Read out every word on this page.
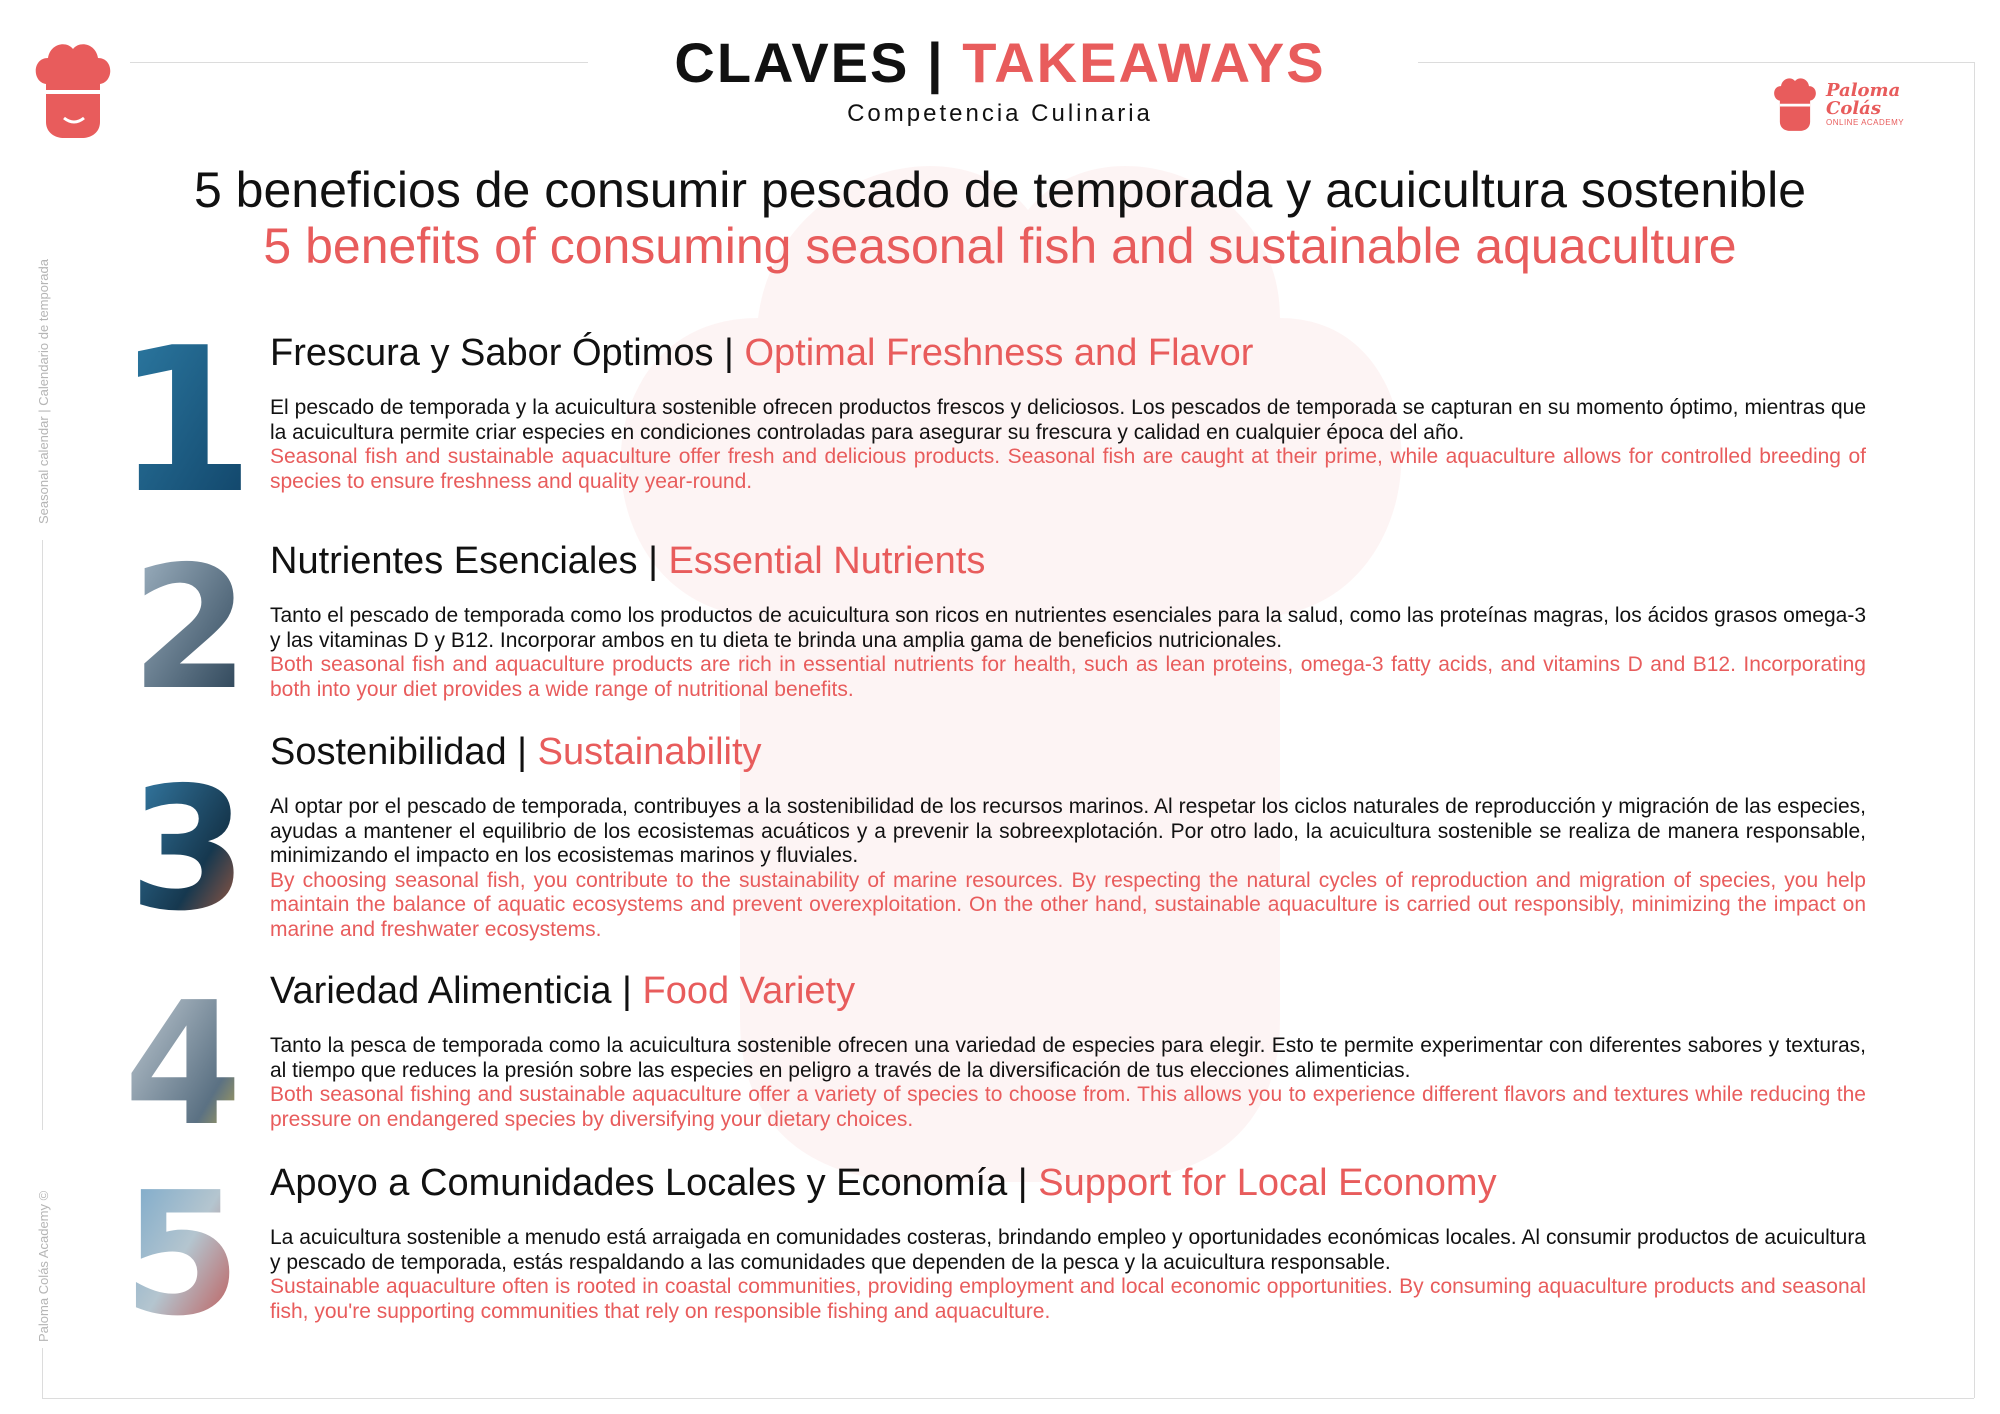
Paloma Colás
ONLINE ACADEMY
Seasonal calendar | Calendario de temporada
Paloma Colás Academy ©
CLAVES | TAKEAWAYS
Competencia Culinaria
5 beneficios de consumir pescado de temporada y acuicultura sostenible
5 benefits of consuming seasonal fish and sustainable aquaculture
1
2
3
4
5
Frescura y Sabor Óptimos | Optimal Freshness and Flavor

El pescado de temporada y la acuicultura sostenible ofrecen productos frescos y deliciosos. Los pescados de temporada se capturan en su momento óptimo, mientras que la acuicultura permite criar especies en condiciones controladas para asegurar su frescura y calidad en cualquier época del año.

Seasonal fish and sustainable aquaculture offer fresh and delicious products. Seasonal fish are caught at their prime, while aquaculture allows for controlled breeding of species to ensure freshness and quality year-round.

Nutrientes Esenciales | Essential Nutrients

Tanto el pescado de temporada como los productos de acuicultura son ricos en nutrientes esenciales para la salud, como las proteínas magras, los ácidos grasos omega-3 y las vitaminas D y B12. Incorporar ambos en tu dieta te brinda una amplia gama de beneficios nutricionales.

Both seasonal fish and aquaculture products are rich in essential nutrients for health, such as lean proteins, omega-3 fatty acids, and vitamins D and B12. Incorporating both into your diet provides a wide range of nutritional benefits.

Sostenibilidad | Sustainability

Al optar por el pescado de temporada, contribuyes a la sostenibilidad de los recursos marinos. Al respetar los ciclos naturales de reproducción y migración de las especies, ayudas a mantener el equilibrio de los ecosistemas acuáticos y a prevenir la sobreexplotación. Por otro lado, la acuicultura sostenible se realiza de manera responsable, minimizando el impacto en los ecosistemas marinos y fluviales.

By choosing seasonal fish, you contribute to the sustainability of marine resources. By respecting the natural cycles of reproduction and migration of species, you help maintain the balance of aquatic ecosystems and prevent overexploitation. On the other hand, sustainable aquaculture is carried out responsibly, minimizing the impact on marine and freshwater ecosystems.

Variedad Alimenticia | Food Variety

Tanto la pesca de temporada como la acuicultura sostenible ofrecen una variedad de especies para elegir. Esto te permite experimentar con diferentes sabores y texturas, al tiempo que reduces la presión sobre las especies en peligro a través de la diversificación de tus elecciones alimenticias.

Both seasonal fishing and sustainable aquaculture offer a variety of species to choose from. This allows you to experience different flavors and textures while reducing the pressure on endangered species by diversifying your dietary choices.

Apoyo a Comunidades Locales y Economía | Support for Local Economy

La acuicultura sostenible a menudo está arraigada en comunidades costeras, brindando empleo y oportunidades económicas locales. Al consumir productos de acuicultura y pescado de temporada, estás respaldando a las comunidades que dependen de la pesca y la acuicultura responsable.

Sustainable aquaculture often is rooted in coastal communities, providing employment and local economic opportunities. By consuming aquaculture products and seasonal fish, you're supporting communities that rely on responsible fishing and aquaculture.
